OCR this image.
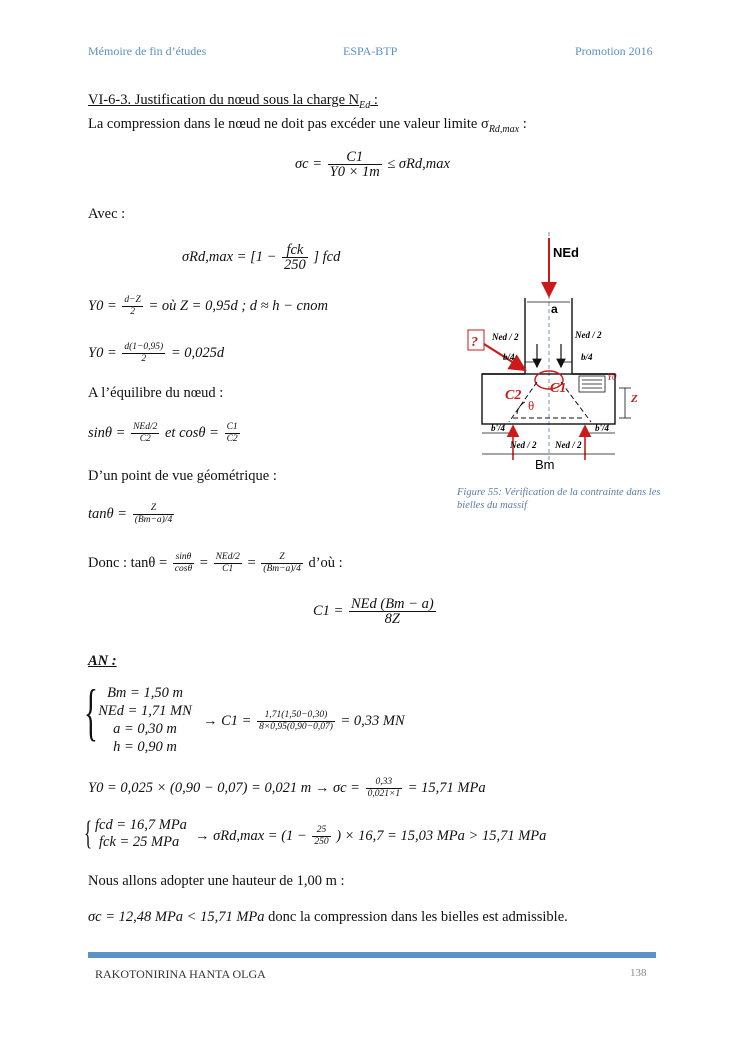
Mémoire de fin d’études	ESPA-BTP	Promotion 2016
VI-6-3. Justification du nœud sous la charge $N_{Ed}$ :
La compression dans le nœud ne doit pas excéder une valeur limite $\sigma_{Rd,max}$ :
$\sigma c = \frac{C1}{Y0 \times 1m} \le \sigma Rd,\max$
Avec :
$\sigma Rd,\max = [1 - \frac{\text{fck}}{250}$ ] fcd
$Y0 = \frac{d-Z}{2}$ = où Z = 0,95d ; d ≈ h − cnom
$Y0 = \frac{d(1-0,95)}{2} = 0,025d$
A l’équilibre du nœud :
$\sin\theta = \frac{\text{NEd/2}}{C2}$ et $\cos\theta = \frac{C1}{C2}$
D’un point de vue géométrique :
$\tan\theta = \frac{Z}{(Bm-a)/4}$
Donc : $\tan\theta = \frac{\sin\theta}{\cos\theta} = \frac{\text{NEd/2}}{C1} = \frac{Z}{(Bm-a)/4}$ d’où :
$C1 = \frac{\text{NEd (Bm − a)}}{8Z}$
AN :
{ Bm = 1,50 m
NEd = 1,71 MN
a = 0,30 m
h = 0,90 m
→ $C1 = \frac{1,71(1,50-0,30)}{8\times 0,95(0,90-0,07)} = 0,33$ MN
Y0 = 0,025 × (0,90 − 0,07) = 0,021 $m \to \sigma c = \frac{0,33}{0,021\times 1} = 15,71$ MPa
{ fcd = 16,7 MPa
fck = 25 MPa	→ $\sigma Rd,\max = (1 - \frac{25}{250}$ ) × 16,7 = 15,03 MPa > 15,71 MPa
Nous allons adopter une hauteur de 1,00 m :
σc = 12,48 MPa < 15,71 MPa donc la compression dans les bielles est admissible.
NEd
a
? Ned / 2	Ned / 2
b/4	b/4
C2 C1
θ
Y0
Z
b'/4	b'/4
Ned / 2 Ned / 2
Bm
Figure 55: Vérification de la contrainte dans les bielles du massif
RAKOTONIRINA HANTA OLGA	138
